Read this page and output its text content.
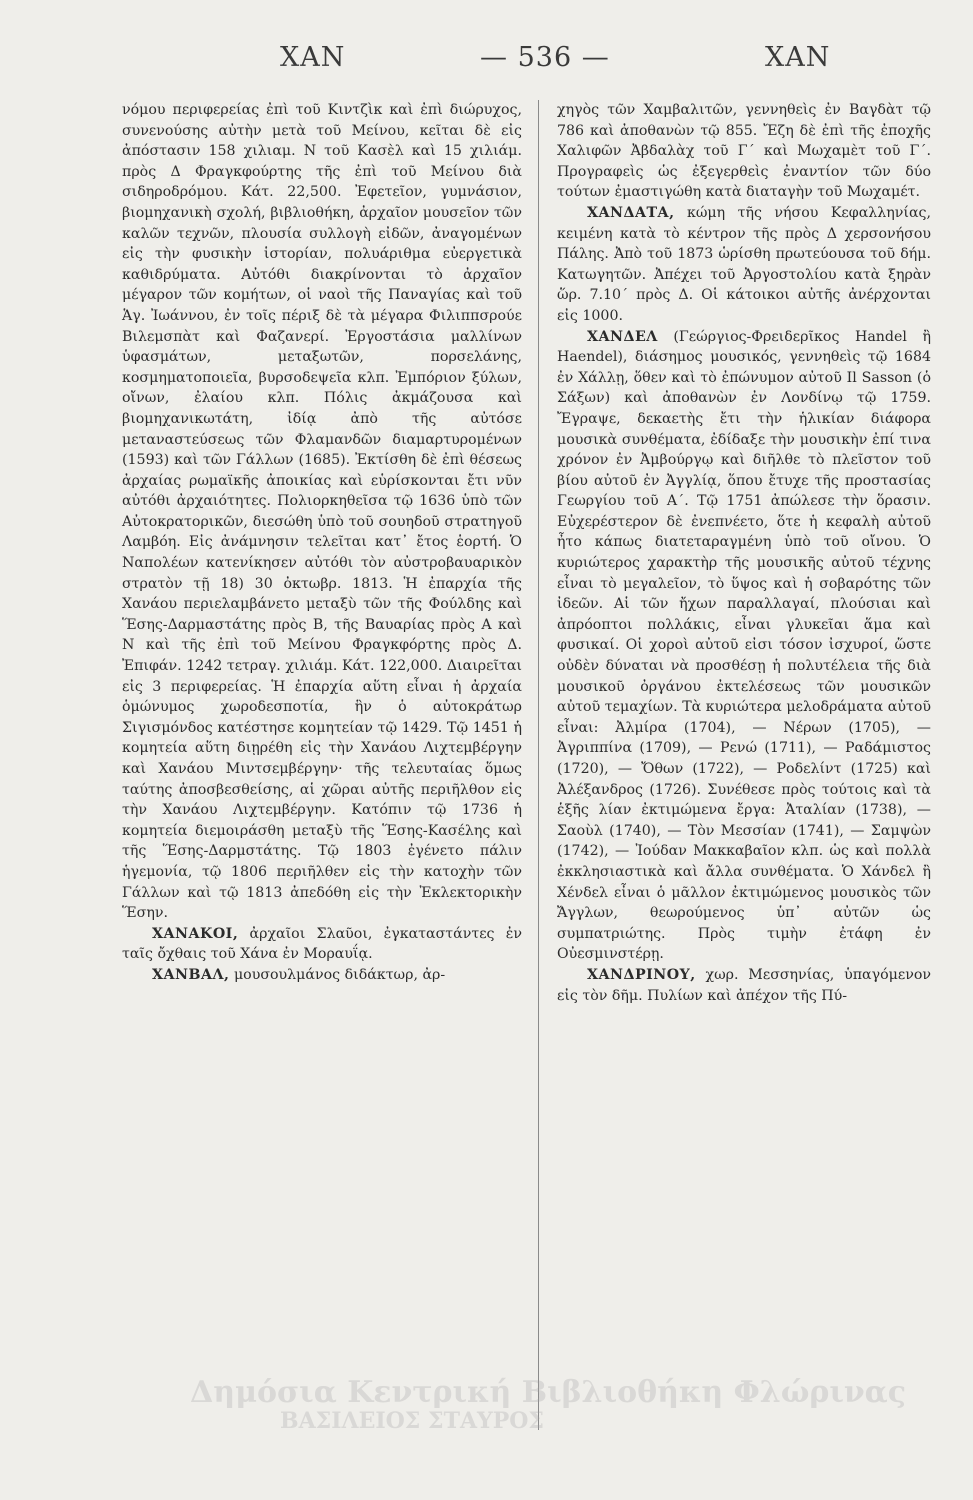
ΧΑΝ	— 536 —	ΧΑΝ

νόμου περιφερείας ἐπὶ τοῦ Κιντζὶκ καὶ ἐπὶ διώρυχος, συνενούσης αὐτὴν μετὰ τοῦ Μείνου, κεῖται δὲ εἰς ἀπόστασιν 158 χιλιαμ. Ν τοῦ Κασὲλ καὶ 15 χιλιάμ. πρὸς Δ Φραγκφούρτης τῆς ἐπὶ τοῦ Μείνου διὰ σιδηροδρόμου. Κάτ. 22,500. Ἐφετεῖον, γυμνάσιον, βιομηχανικὴ σχολή, βιβλιοθήκη, ἀρχαῖον μουσεῖον τῶν καλῶν τεχνῶν, πλουσία συλλογὴ εἰδῶν, ἀναγομένων εἰς τὴν φυσικὴν ἱστορίαν, πολυάριθμα εὐεργετικὰ καθιδρύματα. Αὐτόθι διακρίνονται τὸ ἀρχαῖον μέγαρον τῶν κομήτων, οἱ ναοὶ τῆς Παναγίας καὶ τοῦ Ἁγ. Ἰωάννου, ἐν τοῖς πέριξ δὲ τὰ μέγαρα Φιλιππσρούε Βιλεμσπὰτ καὶ Φαζανερί. Ἐργοστάσια μαλλίνων ὑφασμάτων, μεταξωτῶν, πορσελάνης, κοσμηματοποιεῖα, βυρσοδεψεῖα κλπ. Ἐμπόριον ξύλων, οἴνων, ἐλαίου κλπ. Πόλις ἀκμάζουσα καὶ βιομηχανικωτάτη, ἰδίᾳ ἀπὸ τῆς αὐτόσε μεταναστεύσεως τῶν Φλαμανδῶν διαμαρτυρομένων (1593) καὶ τῶν Γάλλων (1685). Ἐκτίσθη δὲ ἐπὶ θέσεως ἀρχαίας ρωμαϊκῆς ἀποικίας καὶ εὑρίσκονται ἔτι νῦν αὐτόθι ἀρχαιότητες. Πολιορκηθεῖσα τῷ 1636 ὑπὸ τῶν Αὐτοκρατορικῶν, διεσώθη ὑπὸ τοῦ σουηδοῦ στρατηγοῦ Λαμβόη. Εἰς ἀνάμνησιν τελεῖται κατ᾽ ἔτος ἑορτή. Ὁ Ναπολέων κατενίκησεν αὐτόθι τὸν αὐστροβαυαρικὸν στρατὸν τῇ 18) 30 ὀκτωβρ. 1813. Ἡ ἐπαρχία τῆς Χανάου περιελαμβάνετο μεταξὺ τῶν τῆς Φούλδης καὶ Ἕσης-Δαρμαστάτης πρὸς Β, τῆς Βαυαρίας πρὸς Α καὶ Ν καὶ τῆς ἐπὶ τοῦ Μείνου Φραγκφόρτης πρὸς Δ. Ἐπιφάν. 1242 τετραγ. χιλιάμ. Κάτ. 122,000. Διαιρεῖται εἰς 3 περιφερείας. Ἡ ἐπαρχία αὕτη εἶναι ἡ ἀρχαία ὁμώνυμος χωροδεσποτία, ἣν ὁ αὐτοκράτωρ Σιγισμόνδος κατέστησε κομητείαν τῷ 1429. Τῷ 1451 ἡ κομητεία αὕτη διῃρέθη εἰς τὴν Χανάου Λιχτεμβέργην καὶ Χανάου Μιντσεμβέργην· τῆς τελευταίας ὅμως ταύτης ἀποσβεσθείσης, αἱ χῶραι αὐτῆς περιῆλθον εἰς τὴν Χανάου Λιχτεμβέργην. Κατόπιν τῷ 1736 ἡ κομητεία διεμοιράσθη μεταξὺ τῆς Ἕσης-Κασέλης καὶ τῆς Ἕσης-Δαρμστάτης. Τῷ 1803 ἐγένετο πάλιν ἡγεμονία, τῷ 1806 περιῆλθεν εἰς τὴν κατοχὴν τῶν Γάλλων καὶ τῷ 1813 ἀπεδόθη εἰς τὴν Ἐκλεκτορικὴν Ἕσην.

ΧΑΝΑΚΟΙ, ἀρχαῖοι Σλαῦοι, ἐγκαταστάντες ἐν ταῖς ὄχθαις τοῦ Χάνα ἐν Μοραυΐᾳ.

ΧΑΝΒΑΛ, μουσουλμάνος διδάκτωρ, ἀρ-

χηγὸς τῶν Χαμβαλιτῶν, γεννηθεὶς ἐν Βαγδὰτ τῷ 786 καὶ ἀποθανὼν τῷ 855. Ἔζη δὲ ἐπὶ τῆς ἐποχῆς Χαλιφῶν Ἀβδαλὰχ τοῦ Γ´ καὶ Μωχαμὲτ τοῦ Γ´. Προγραφεὶς ὡς ἐξεγερθεὶς ἐναντίον τῶν δύο τούτων ἐμαστιγώθη κατὰ διαταγὴν τοῦ Μωχαμέτ.

ΧΑΝΔΑΤΑ, κώμη τῆς νήσου Κεφαλληνίας, κειμένη κατὰ τὸ κέντρον τῆς πρὸς Δ χερσονήσου Πάλης. Ἀπὸ τοῦ 1873 ὡρίσθη πρωτεύουσα τοῦ δήμ. Κατωγητῶν. Ἀπέχει τοῦ Ἀργοστολίου κατὰ ξηρὰν ὥρ. 7.10´ πρὸς Δ. Οἱ κάτοικοι αὐτῆς ἀνέρχονται εἰς 1000.

ΧΑΝΔΕΛ (Γεώργιος-Φρειδερῖκος Handel ἢ Haendel), διάσημος μουσικός, γεννηθεὶς τῷ 1684 ἐν Χάλλῃ, ὅθεν καὶ τὸ ἐπώνυμον αὐτοῦ Il Sasson (ὁ Σάξων) καὶ ἀποθανὼν ἐν Λονδίνῳ τῷ 1759. Ἔγραψε, δεκαετὴς ἔτι τὴν ἡλικίαν διάφορα μουσικὰ συνθέματα, ἐδίδαξε τὴν μουσικὴν ἐπί τινα χρόνον ἐν Ἀμβούργῳ καὶ διῆλθε τὸ πλεῖστον τοῦ βίου αὐτοῦ ἐν Ἀγγλίᾳ, ὅπου ἔτυχε τῆς προστασίας Γεωργίου τοῦ Α´. Τῷ 1751 ἀπώλεσε τὴν ὅρασιν. Εὐχερέστερον δὲ ἐνεπνέετο, ὅτε ἡ κεφαλὴ αὐτοῦ ἦτο κάπως διατεταραγμένη ὑπὸ τοῦ οἴνου. Ὁ κυριώτερος χαρακτὴρ τῆς μουσικῆς αὐτοῦ τέχνης εἶναι τὸ μεγαλεῖον, τὸ ὕψος καὶ ἡ σοβαρότης τῶν ἰδεῶν. Αἱ τῶν ἤχων παραλλαγαί, πλούσιαι καὶ ἀπρόοπτοι πολλάκις, εἶναι γλυκεῖαι ἅμα καὶ φυσικαί. Οἱ χοροὶ αὐτοῦ εἰσι τόσον ἰσχυροί, ὥστε οὐδὲν δύναται νὰ προσθέσῃ ἡ πολυτέλεια τῆς διὰ μουσικοῦ ὀργάνου ἐκτελέσεως τῶν μουσικῶν αὐτοῦ τεμαχίων. Τὰ κυριώτερα μελοδράματα αὐτοῦ εἶναι: Ἀλμίρα (1704), — Νέρων (1705), — Ἀγριππίνα (1709), — Ρενώ (1711), — Ραδάμιστος (1720), — Ὄθων (1722), — Ροδελίντ (1725) καὶ Ἀλέξανδρος (1726). Συνέθεσε πρὸς τούτοις καὶ τὰ ἑξῆς λίαν ἐκτιμώμενα ἔργα: Ἀταλίαν (1738), — Σαοὺλ (1740), — Τὸν Μεσσίαν (1741), — Σαμψὼν (1742), — Ἰούδαν Μακκαβαῖον κλπ. ὡς καὶ πολλὰ ἐκκλησιαστικὰ καὶ ἄλλα συνθέματα. Ὁ Χάνδελ ἢ Χένδελ εἶναι ὁ μᾶλλον ἐκτιμώμενος μουσικὸς τῶν Ἄγγλων, θεωρούμενος ὑπ᾽ αὐτῶν ὡς συμπατριώτης. Πρὸς τιμὴν ἐτάφη ἐν Οὐεσμινστέρῃ.

ΧΑΝΔΡΙΝΟΥ, χωρ. Μεσσηνίας, ὑπαγόμενον εἰς τὸν δῆμ. Πυλίων καὶ ἀπέχον τῆς Πύ-

Δημόσια Κεντρική Βιβλιοθήκη Φλώρινας
ΒΑΣΙΛΕΙΟΣ ΣΤΑΥΡΟΣ
